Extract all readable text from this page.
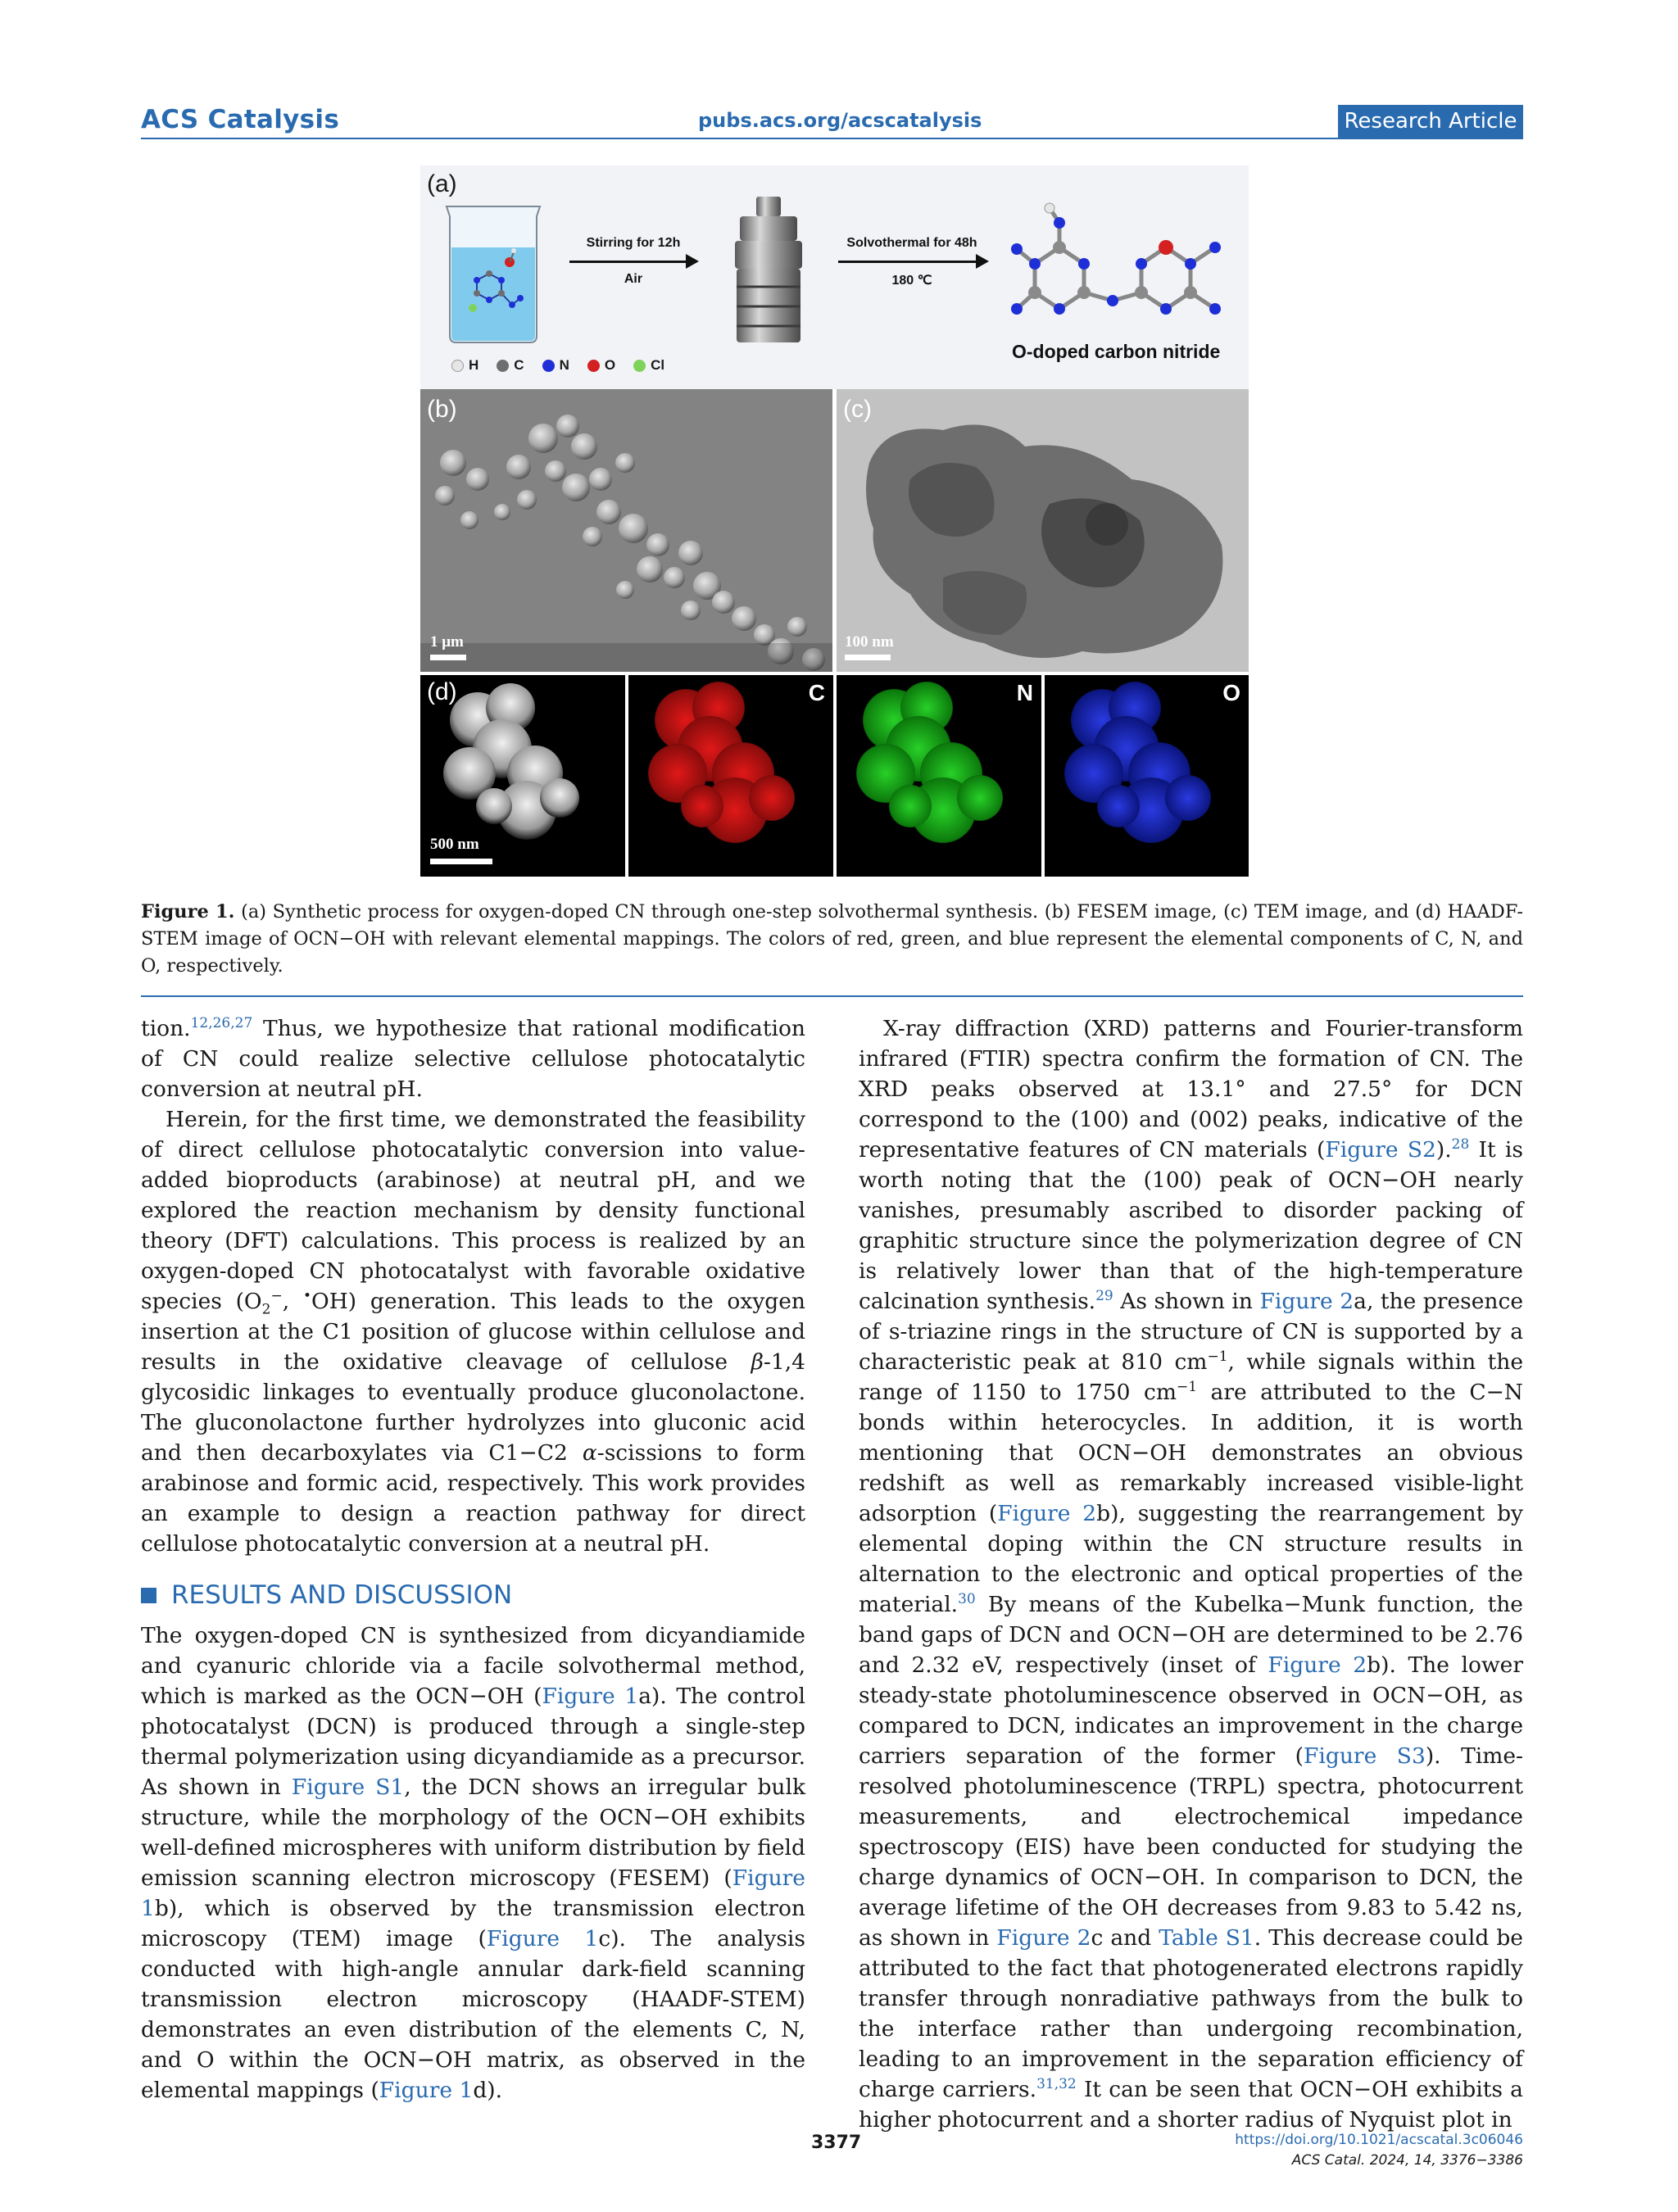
ACS Catalysis	pubs.acs.org/acscatalysis	Research Article
(a)
Stirring for 12h
Air
Solvothermal for 48h
180 ℃
O-doped carbon nitride
H	C	N	O	Cl
(b)
1 μm
(c)
100 nm
(d)
500 nm
C	N	O
Figure 1. (a) Synthetic process for oxygen-doped CN through one-step solvothermal synthesis. (b) FESEM image, (c) TEM image, and (d) HAADF-STEM image of OCN−OH with relevant elemental mappings. The colors of red, green, and blue represent the elemental components of C, N, and O, respectively.

tion.$^{12,26,27}$ Thus, we hypothesize that rational modification of CN could realize selective cellulose photocatalytic conversion at neutral pH.

Herein, for the first time, we demonstrated the feasibility of direct cellulose photocatalytic conversion into value-added bioproducts (arabinose) at neutral pH, and we explored the reaction mechanism by density functional theory (DFT) calculations. This process is realized by an oxygen-doped CN photocatalyst with favorable oxidative species ($O_2^-$, •OH) generation. This leads to the oxygen insertion at the C1 position of glucose within cellulose and results in the oxidative cleavage of cellulose β-1,4 glycosidic linkages to eventually produce gluconolactone. The gluconolactone further hydrolyzes into gluconic acid and then decarboxylates via C1−C2 α-scissions to form arabinose and formic acid, respectively. This work provides an example to design a reaction pathway for direct cellulose photocatalytic conversion at a neutral pH.

RESULTS AND DISCUSSION

The oxygen-doped CN is synthesized from dicyandiamide and cyanuric chloride via a facile solvothermal method, which is marked as the OCN−OH (Figure 1a). The control photocatalyst (DCN) is produced through a single-step thermal polymerization using dicyandiamide as a precursor. As shown in Figure S1, the DCN shows an irregular bulk structure, while the morphology of the OCN−OH exhibits well-defined microspheres with uniform distribution by field emission scanning electron microscopy (FESEM) (Figure 1b), which is observed by the transmission electron microscopy (TEM) image (Figure 1c). The analysis conducted with high-angle annular dark-field scanning transmission electron microscopy (HAADF-STEM) demonstrates an even distribution of the elements C, N, and O within the OCN−OH matrix, as observed in the elemental mappings (Figure 1d).

X-ray diffraction (XRD) patterns and Fourier-transform infrared (FTIR) spectra confirm the formation of CN. The XRD peaks observed at 13.1° and 27.5° for DCN correspond to the (100) and (002) peaks, indicative of the representative features of CN materials (Figure S2).$^{28}$ It is worth noting that the (100) peak of OCN−OH nearly vanishes, presumably ascribed to disorder packing of graphitic structure since the polymerization degree of CN is relatively lower than that of the high-temperature calcination synthesis.$^{29}$ As shown in Figure 2a, the presence of s-triazine rings in the structure of CN is supported by a characteristic peak at 810 $cm^{-1}$, while signals within the range of 1150 to 1750 $cm^{-1}$ are attributed to the C−N bonds within heterocycles. In addition, it is worth mentioning that OCN−OH demonstrates an obvious redshift as well as remarkably increased visible-light adsorption (Figure 2b), suggesting the rearrangement by elemental doping within the CN structure results in alternation to the electronic and optical properties of the material.$^{30}$ By means of the Kubelka−Munk function, the band gaps of DCN and OCN−OH are determined to be 2.76 and 2.32 eV, respectively (inset of Figure 2b). The lower steady-state photoluminescence observed in OCN−OH, as compared to DCN, indicates an improvement in the charge carriers separation of the former (Figure S3). Time-resolved photoluminescence (TRPL) spectra, photocurrent measurements, and electrochemical impedance spectroscopy (EIS) have been conducted for studying the charge dynamics of OCN−OH. In comparison to DCN, the average lifetime of the OH decreases from 9.83 to 5.42 ns, as shown in Figure 2c and Table S1. This decrease could be attributed to the fact that photogenerated electrons rapidly transfer through nonradiative pathways from the bulk to the interface rather than undergoing recombination, leading to an improvement in the separation efficiency of charge carriers.$^{31,32}$ It can be seen that OCN−OH exhibits a higher photocurrent and a shorter radius of Nyquist plot in

3377	https://doi.org/10.1021/acscatal.3c06046
ACS Catal. 2024, 14, 3376−3386
